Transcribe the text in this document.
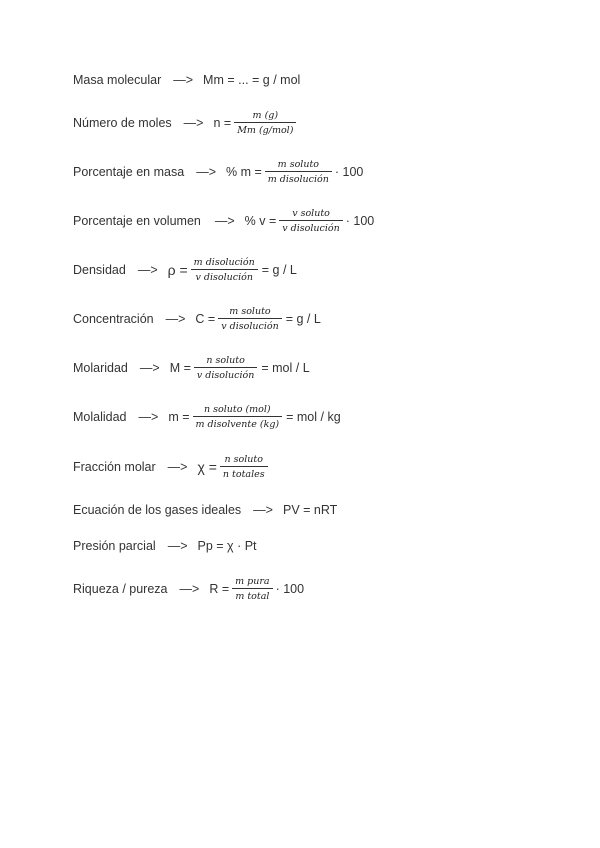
Masa molecular —> Mm = ... = g / mol
Número de moles —> $n = \frac{m (g)}{\text{Mm (g/mol)}}$
Porcentaje en masa —> % $m = \frac{\text{m soluto}}{\text{m disolución}} \cdot 100$
Porcentaje en volumen —> % $v = \frac{\text{v soluto}}{\text{v disolución}} \cdot 100$
Densidad —> $\rho = \frac{\text{m disolución}}{\text{v disolución}} = g / L$
Concentración —> $C = \frac{\text{m soluto}}{\text{v disolución}} = g / L$
Molaridad —> $M = \frac{\text{n soluto}}{\text{v disolución}}$ = mol / L
Molalidad —> $m = \frac{\text{n soluto (mol)}}{\text{m disolvente (kg)}}$ = mol / kg
Fracción molar —> $\chi = \frac{\text{n soluto}}{\text{n totales}}$
Ecuación de los gases ideales —> PV = nRT
Presión parcial —> Pp = χ · Pt
Riqueza / pureza —> $R = \frac{\text{m pura}}{\text{m total}} \cdot 100$
